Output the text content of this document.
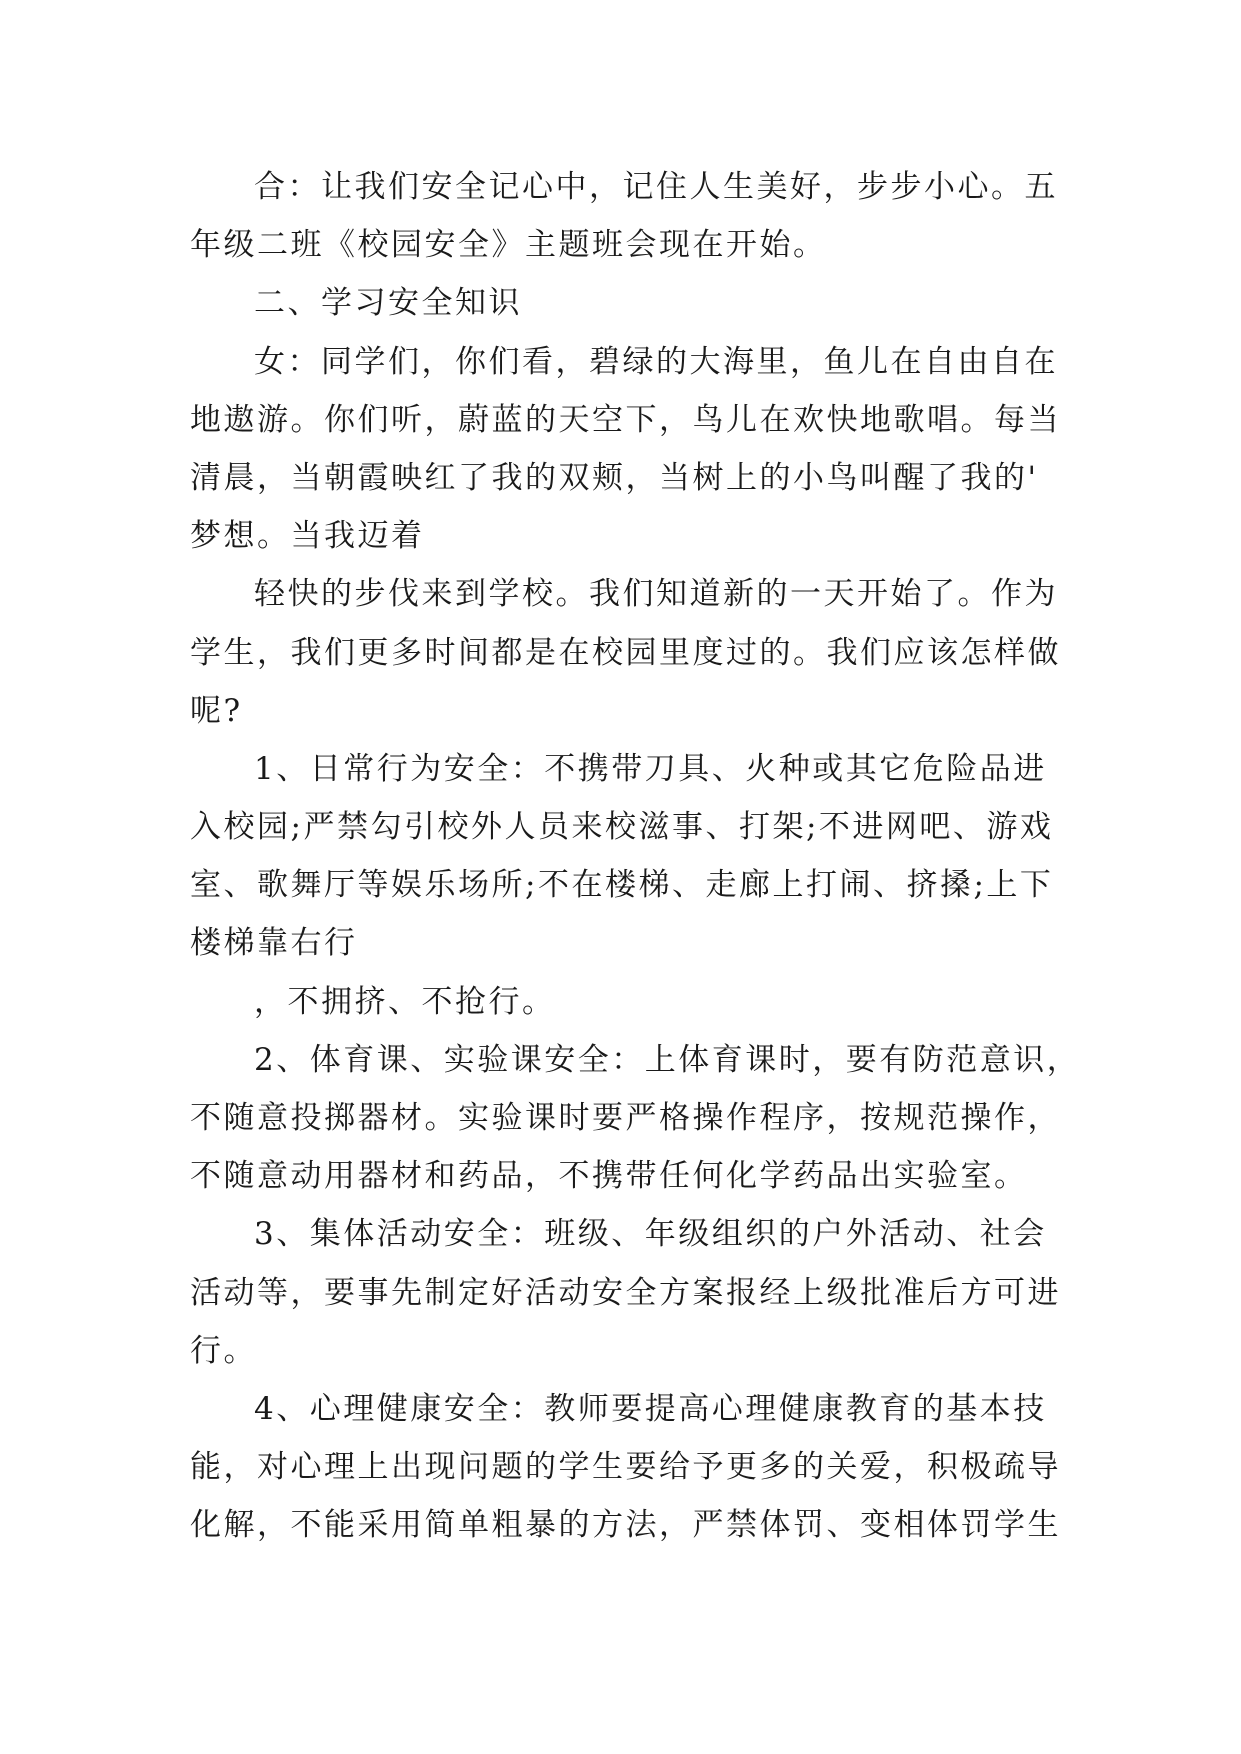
合：让我们安全记心中，记住人生美好，步步小心。五
年级二班《校园安全》主题班会现在开始。
二、学习安全知识
女：同学们，你们看，碧绿的大海里，鱼儿在自由自在
地遨游。你们听，蔚蓝的天空下，鸟儿在欢快地歌唱。每当
清晨，当朝霞映红了我的双颊，当树上的小鸟叫醒了我的'
梦想。当我迈着
轻快的步伐来到学校。我们知道新的一天开始了。作为
学生，我们更多时间都是在校园里度过的。我们应该怎样做
呢?
1、日常行为安全：不携带刀具、火种或其它危险品进
入校园;严禁勾引校外人员来校滋事、打架;不进网吧、游戏
室、歌舞厅等娱乐场所;不在楼梯、走廊上打闹、挤搡;上下
楼梯靠右行
，不拥挤、不抢行。
2、体育课、实验课安全：上体育课时，要有防范意识，
不随意投掷器材。实验课时要严格操作程序，按规范操作，
不随意动用器材和药品，不携带任何化学药品出实验室。
3、集体活动安全：班级、年级组织的户外活动、社会
活动等，要事先制定好活动安全方案报经上级批准后方可进
行。
4、心理健康安全：教师要提高心理健康教育的基本技
能，对心理上出现问题的学生要给予更多的关爱，积极疏导
化解，不能采用简单粗暴的方法，严禁体罚、变相体罚学生
